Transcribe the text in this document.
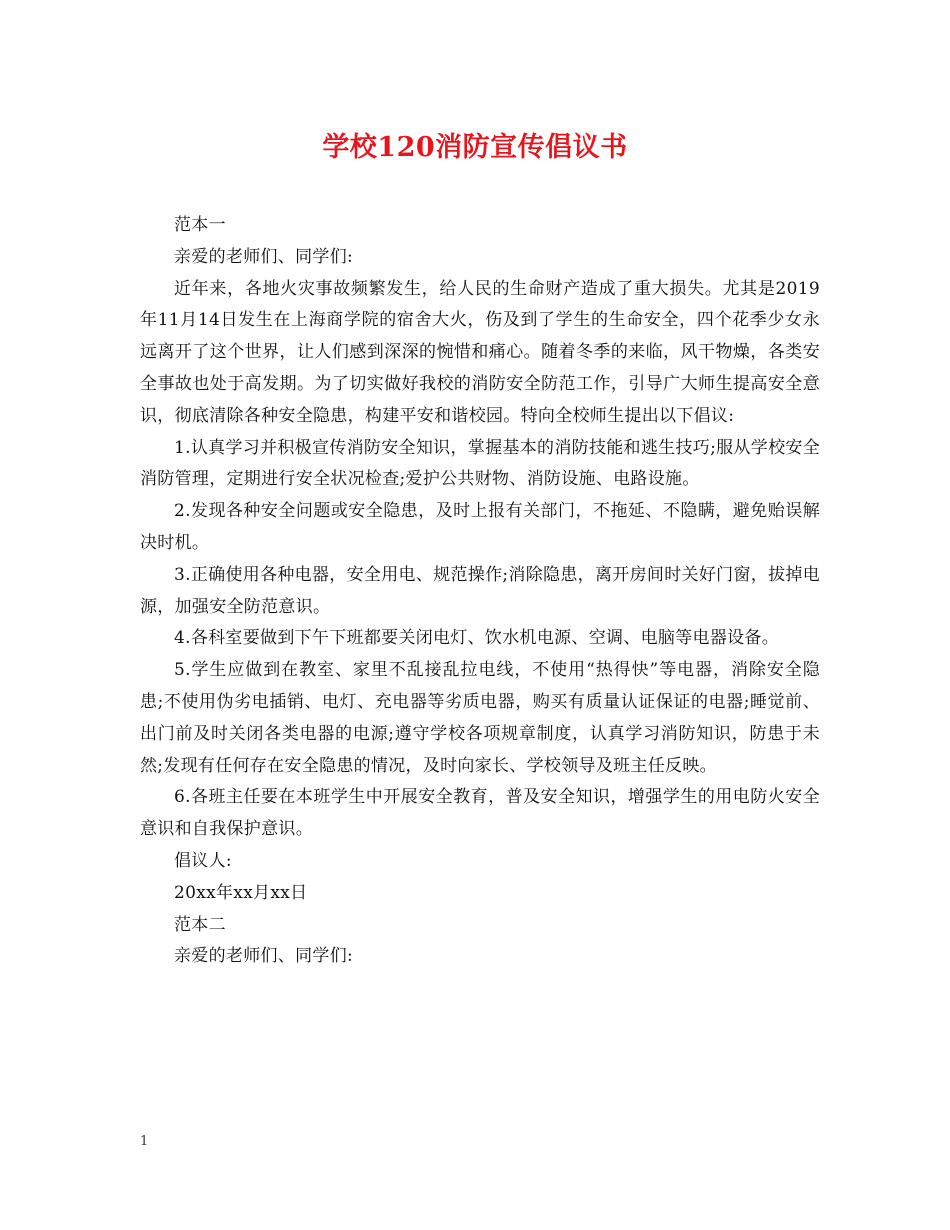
学校120消防宣传倡议书

范本一

亲爱的老师们、同学们:

近年来，各地火灾事故频繁发生，给人民的生命财产造成了重大损失。尤其是2019年11月14日发生在上海商学院的宿舍大火，伤及到了学生的生命安全，四个花季少女永远离开了这个世界，让人们感到深深的惋惜和痛心。随着冬季的来临，风干物燥，各类安全事故也处于高发期。为了切实做好我校的消防安全防范工作，引导广大师生提高安全意识，彻底清除各种安全隐患，构建平安和谐校园。特向全校师生提出以下倡议:

1.认真学习并积极宣传消防安全知识，掌握基本的消防技能和逃生技巧;服从学校安全消防管理，定期进行安全状况检查;爱护公共财物、消防设施、电路设施。

2.发现各种安全问题或安全隐患，及时上报有关部门，不拖延、不隐瞒，避免贻误解决时机。

3.正确使用各种电器，安全用电、规范操作;消除隐患，离开房间时关好门窗，拔掉电源，加强安全防范意识。

4.各科室要做到下午下班都要关闭电灯、饮水机电源、空调、电脑等电器设备。

5.学生应做到在教室、家里不乱接乱拉电线，不使用“热得快”等电器，消除安全隐患;不使用伪劣电插销、电灯、充电器等劣质电器，购买有质量认证保证的电器;睡觉前、出门前及时关闭各类电器的电源;遵守学校各项规章制度，认真学习消防知识，防患于未然;发现有任何存在安全隐患的情况，及时向家长、学校领导及班主任反映。

6.各班主任要在本班学生中开展安全教育，普及安全知识，增强学生的用电防火安全意识和自我保护意识。

倡议人:

20xx年xx月xx日

范本二

亲爱的老师们、同学们:

1
